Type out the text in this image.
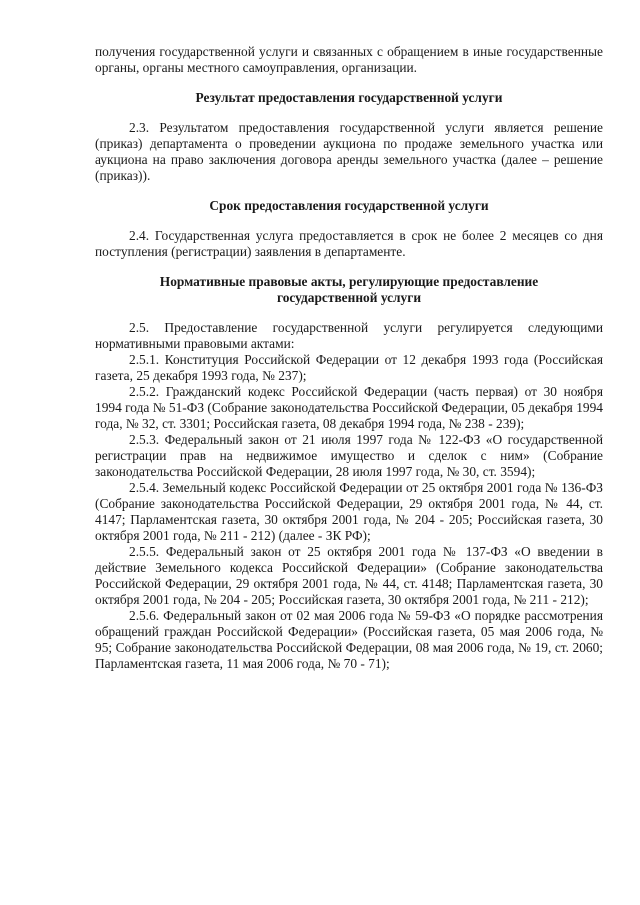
получения государственной услуги и связанных с обращением в иные государственные органы, органы местного самоуправления, организации.

Результат предоставления государственной услуги

2.3. Результатом предоставления государственной услуги является решение (приказ) департамента о проведении аукциона по продаже земельного участка или аукциона на право заключения договора аренды земельного участка (далее – решение (приказ)).

Срок предоставления государственной услуги

2.4. Государственная услуга предоставляется в срок не более 2 месяцев со дня поступления (регистрации) заявления в департаменте.

Нормативные правовые акты, регулирующие предоставление
государственной услуги

2.5. Предоставление государственной услуги регулируется следующими нормативными правовыми актами:

2.5.1. Конституция Российской Федерации от 12 декабря 1993 года (Российская газета, 25 декабря 1993 года, № 237);

2.5.2. Гражданский кодекс Российской Федерации (часть первая) от 30 ноября 1994 года № 51-ФЗ (Собрание законодательства Российской Федерации, 05 декабря 1994 года, № 32, ст. 3301; Российская газета, 08 декабря 1994 года, № 238 - 239);

2.5.3. Федеральный закон от 21 июля 1997 года № 122-ФЗ «О государственной регистрации прав на недвижимое имущество и сделок с ним» (Собрание законодательства Российской Федерации, 28 июля 1997 года, № 30, ст. 3594);

2.5.4. Земельный кодекс Российской Федерации от 25 октября 2001 года № 136-ФЗ (Собрание законодательства Российской Федерации, 29 октября 2001 года, № 44, ст. 4147; Парламентская газета, 30 октября 2001 года, № 204 - 205; Российская газета, 30 октября 2001 года, № 211 - 212) (далее - ЗК РФ);

2.5.5. Федеральный закон от 25 октября 2001 года № 137-ФЗ «О введении в действие Земельного кодекса Российской Федерации» (Собрание законодательства Российской Федерации, 29 октября 2001 года, № 44, ст. 4148; Парламентская газета, 30 октября 2001 года, № 204 - 205; Российская газета, 30 октября 2001 года, № 211 - 212);

2.5.6. Федеральный закон от 02 мая 2006 года № 59-ФЗ «О порядке рассмотрения обращений граждан Российской Федерации» (Российская газета, 05 мая 2006 года, № 95; Собрание законодательства Российской Федерации, 08 мая 2006 года, № 19, ст. 2060; Парламентская газета, 11 мая 2006 года, № 70 - 71);
